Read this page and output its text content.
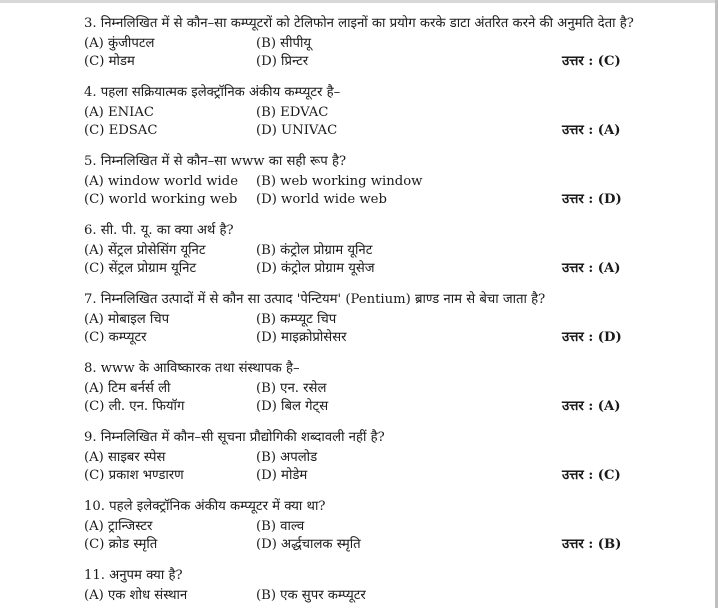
3. निम्नलिखित में से कौन–सा कम्प्यूटरों को टेलिफोन लाइनों का प्रयोग करके डाटा अंतरित करने की अनुमति देता है?
(A) कुंजीपटल	(B) सीपीयू
(C) मोडम	(D) प्रिन्टर	उत्तर : (C)
4. पहला सक्रियात्मक इलेक्ट्रॉनिक अंकीय कम्प्यूटर है–
(A) ENIAC	(B) EDVAC
(C) EDSAC	(D) UNIVAC	उत्तर : (A)
5. निम्नलिखित में से कौन–सा www का सही रूप है?
(A) window world wide (B) web working window
(C) world working web (D) world wide web	उत्तर : (D)
6. सी. पी. यू. का क्या अर्थ है?
(A) सेंट्रल प्रोसेसिंग यूनिट	(B) कंट्रोल प्रोग्राम यूनिट
(C) सेंट्रल प्रोग्राम यूनिट	(D) कंट्रोल प्रोग्राम यूसेज	उत्तर : (A)
7. निम्नलिखित उत्पादों में से कौन सा उत्पाद 'पेन्टियम' (Pentium) ब्राण्ड नाम से बेचा जाता है?
(A) मोबाइल चिप	(B) कम्प्यूट चिप
(C) कम्प्यूटर	(D) माइक्रोप्रोसेसर	उत्तर : (D)
8. www के आविष्कारक तथा संस्थापक है–
(A) टिम बर्नर्स ली	(B) एन. रसेल
(C) ली. एन. फियॉग	(D) बिल गेट्स	उत्तर : (A)
9. निम्नलिखित में कौन–सी सूचना प्रौद्योगिकी शब्दावली नहीं है?
(A) साइबर स्पेस	(B) अपलोड
(C) प्रकाश भण्डारण	(D) मोडेम	उत्तर : (C)
10. पहले इलेक्ट्रॉनिक अंकीय कम्प्यूटर में क्या था?
(A) ट्रान्जिस्टर	(B) वाल्व
(C) क्रोड स्मृति	(D) अर्द्धचालक स्मृति	उत्तर : (B)
11. अनुपम क्या है?
(A) एक शोध संस्थान	(B) एक सुपर कम्प्यूटर
